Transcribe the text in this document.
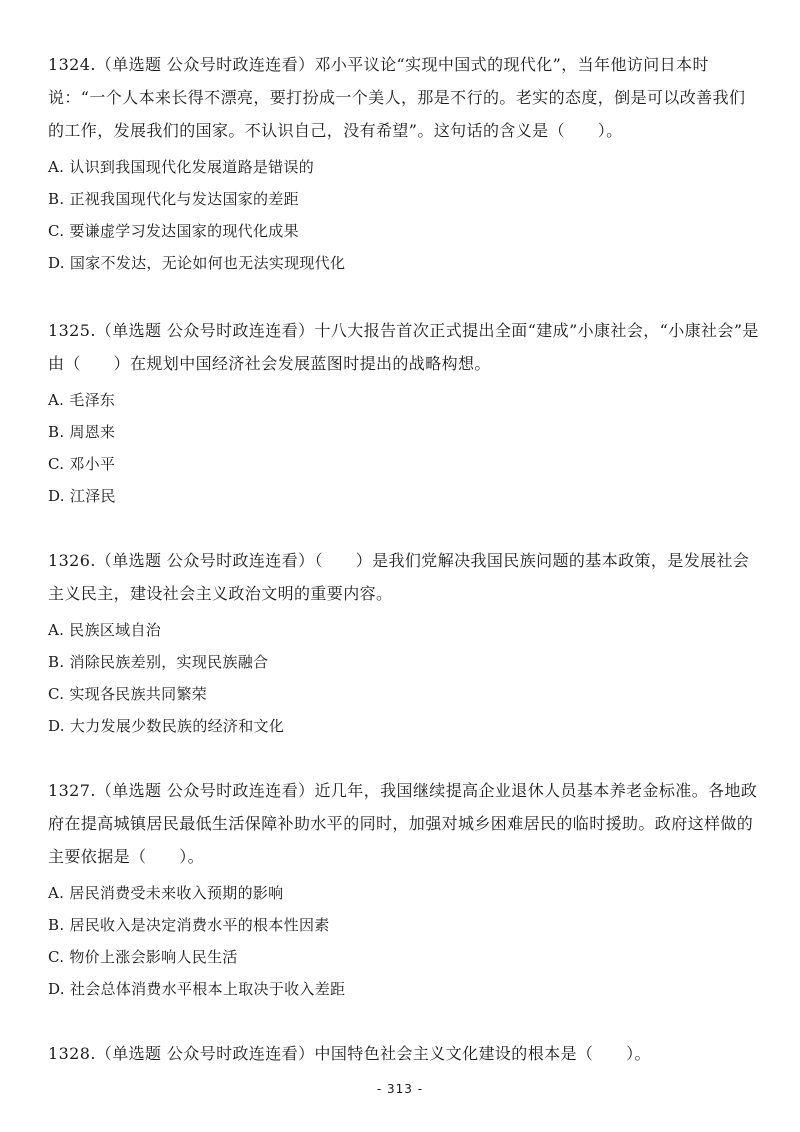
1324.（单选题 公众号时政连连看）邓小平议论“实现中国式的现代化”，当年他访问日本时说：“一个人本来长得不漂亮，要打扮成一个美人，那是不行的。老实的态度，倒是可以改善我们的工作，发展我们的国家。不认识自己，没有希望”。这句话的含义是（　　）。

A. 认识到我国现代化发展道路是错误的

B. 正视我国现代化与发达国家的差距

C. 要谦虚学习发达国家的现代化成果

D. 国家不发达，无论如何也无法实现现代化

1325.（单选题 公众号时政连连看）十八大报告首次正式提出全面“建成”小康社会，“小康社会”是由（　　）在规划中国经济社会发展蓝图时提出的战略构想。

A. 毛泽东

B. 周恩来

C. 邓小平

D. 江泽民

1326.（单选题 公众号时政连连看）（　　）是我们党解决我国民族问题的基本政策，是发展社会主义民主，建设社会主义政治文明的重要内容。

A. 民族区域自治

B. 消除民族差别，实现民族融合

C. 实现各民族共同繁荣

D. 大力发展少数民族的经济和文化

1327.（单选题 公众号时政连连看）近几年，我国继续提高企业退休人员基本养老金标准。各地政府在提高城镇居民最低生活保障补助水平的同时，加强对城乡困难居民的临时援助。政府这样做的主要依据是（　　）。

A. 居民消费受未来收入预期的影响

B. 居民收入是决定消费水平的根本性因素

C. 物价上涨会影响人民生活

D. 社会总体消费水平根本上取决于收入差距

1328.（单选题 公众号时政连连看）中国特色社会主义文化建设的根本是（　　）。

- 313 -
